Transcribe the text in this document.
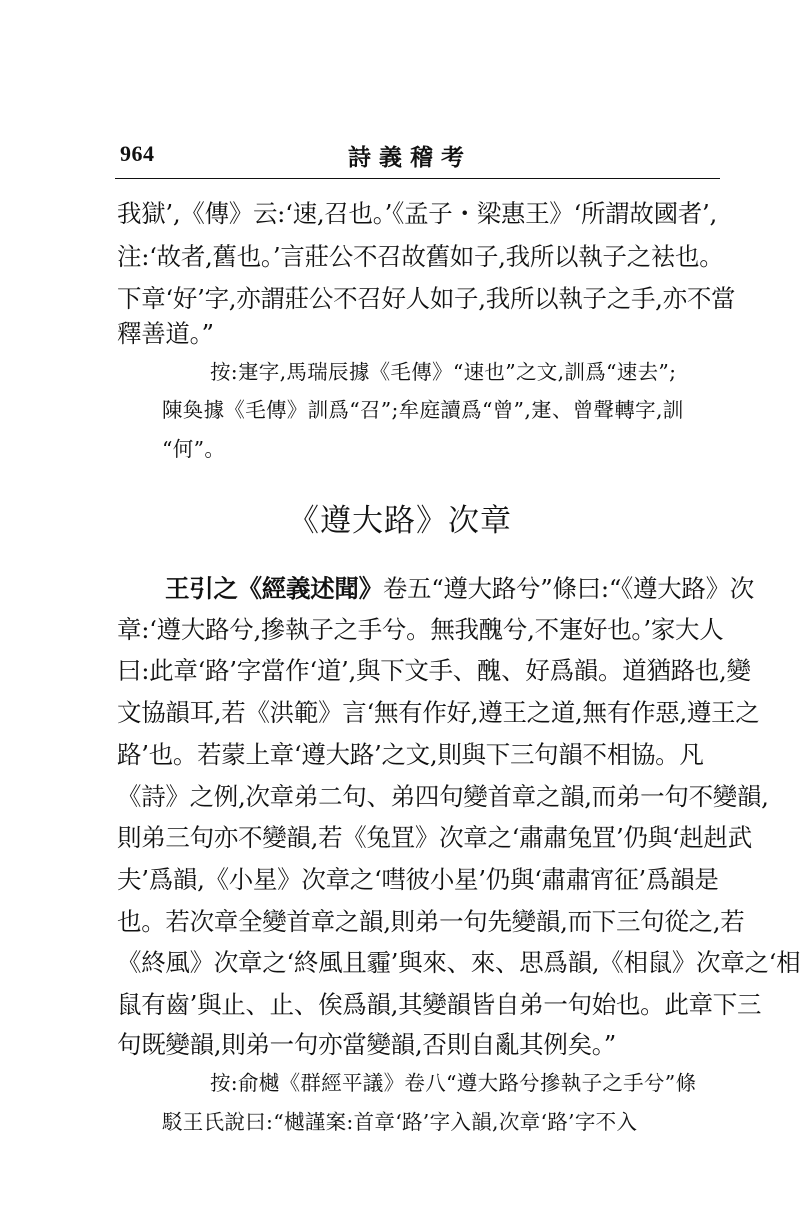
964	詩義稽考
我獄’,《傳》云:‘速,召也。’《孟子・梁惠王》‘所謂故國者’,
注:‘故者,舊也。’言莊公不召故舊如子,我所以執子之袪也。
下章‘好’字,亦謂莊公不召好人如子,我所以執子之手,亦不當
釋善道。”
按:寁字,馬瑞辰據《毛傳》“速也”之文,訓爲“速去”;
陳奐據《毛傳》訓爲“召”;牟庭讀爲“曾”,寁、曾聲轉字,訓
“何”。
《遵大路》次章
王引之《經義述聞》卷五“遵大路兮”條曰:“《遵大路》次
章:‘遵大路兮,摻執子之手兮。無我醜兮,不寁好也。’家大人
曰:此章‘路’字當作‘道’,與下文手、醜、好爲韻。道猶路也,變
文協韻耳,若《洪範》言‘無有作好,遵王之道,無有作惡,遵王之
路’也。若蒙上章‘遵大路’之文,則與下三句韻不相協。凡
《詩》之例,次章弟二句、弟四句變首章之韻,而弟一句不變韻,
則弟三句亦不變韻,若《兔罝》次章之‘肅肅兔罝’仍與‘赳赳武
夫’爲韻,《小星》次章之‘嘒彼小星’仍與‘肅肅宵征’爲韻是
也。若次章全變首章之韻,則弟一句先變韻,而下三句從之,若
《終風》次章之‘終風且霾’與來、來、思爲韻,《相鼠》次章之‘相
鼠有齒’與止、止、俟爲韻,其變韻皆自弟一句始也。此章下三
句既變韻,則弟一句亦當變韻,否則自亂其例矣。”
按:俞樾《群經平議》卷八“遵大路兮摻執子之手兮”條
駁王氏說曰:“樾謹案:首章‘路’字入韻,次章‘路’字不入
